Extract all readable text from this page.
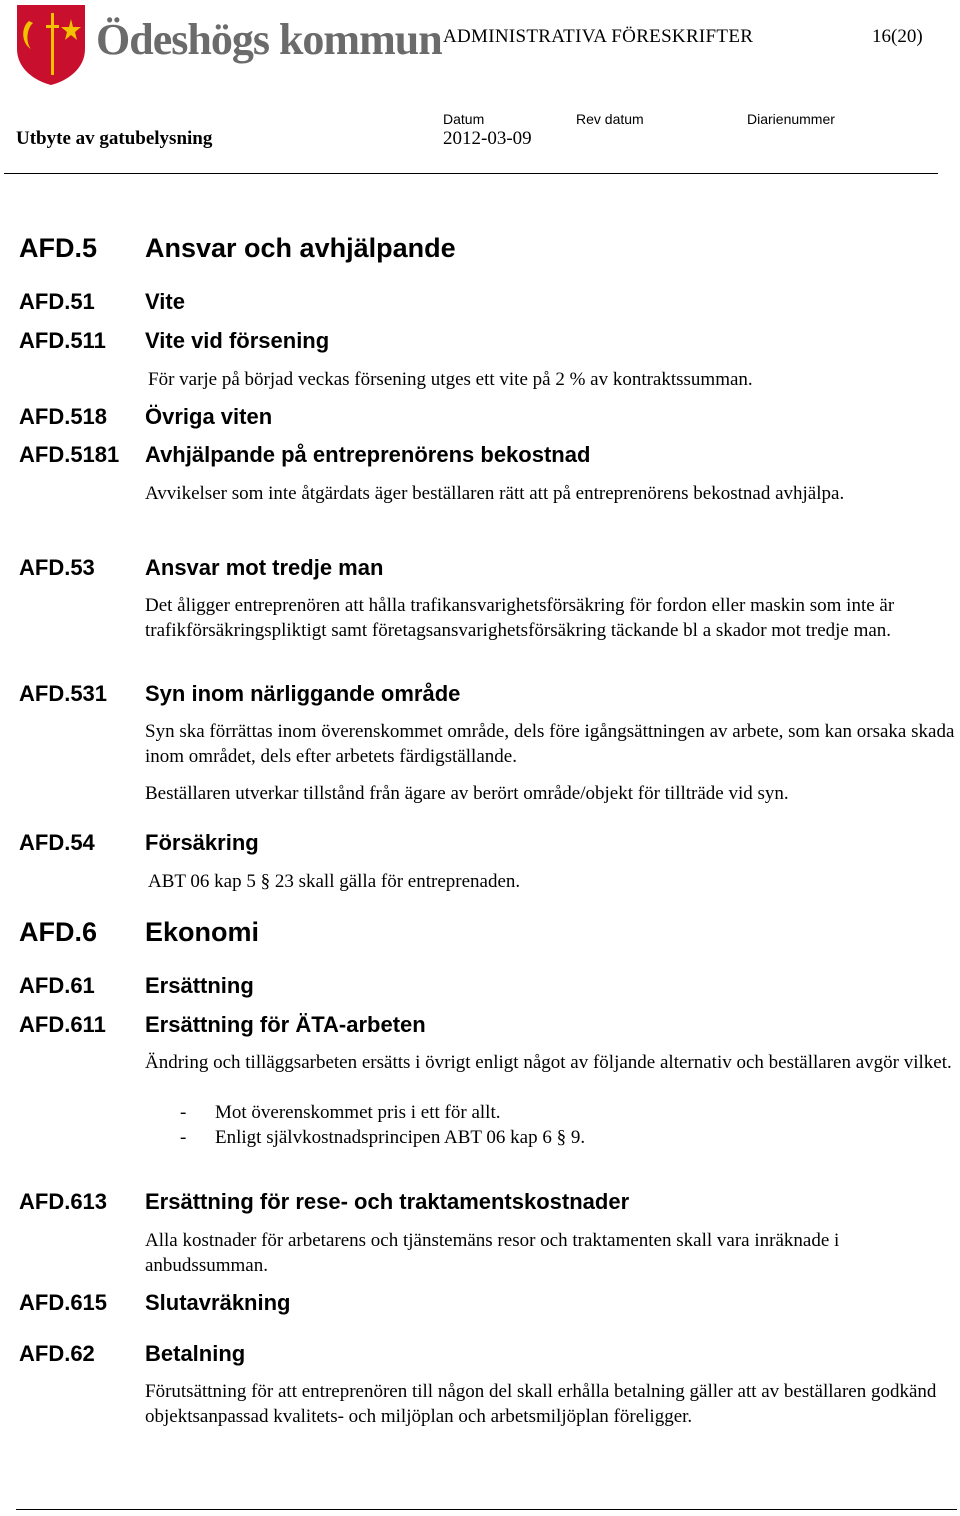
Ödeshögs kommun ADMINISTRATIVA FÖRESKRIFTER	16(20)
Datum	Rev datum	Diarienummer
Utbyte av gatubelysning	2012-03-09
AFD.5 Ansvar och avhjälpande
AFD.51 Vite
AFD.511 Vite vid försening
För varje på börjad veckas försening utges ett vite på 2 % av kontraktssumman.
AFD.518 Övriga viten
AFD.5181 Avhjälpande på entreprenörens bekostnad
Avvikelser som inte åtgärdats äger beställaren rätt att på entreprenörens bekostnad avhjälpa.
AFD.53 Ansvar mot tredje man
Det åligger entreprenören att hålla trafikansvarighetsförsäkring för fordon eller maskin som inte är trafikförsäkringspliktigt samt företagsansvarighetsförsäkring täckande bl a skador mot tredje man.
AFD.531 Syn inom närliggande område
Syn ska förrättas inom överenskommet område, dels före igångsättningen av arbete, som kan orsaka skada inom området, dels efter arbetets färdigställande.
Beställaren utverkar tillstånd från ägare av berört område/objekt för tillträde vid syn.
AFD.54 Försäkring
ABT 06 kap 5 § 23 skall gälla för entreprenaden.
AFD.6 Ekonomi
AFD.61 Ersättning
AFD.611 Ersättning för ÄTA-arbeten
Ändring och tilläggsarbeten ersätts i övrigt enligt något av följande alternativ och beställaren avgör vilket.
- Mot överenskommet pris i ett för allt.
- Enligt självkostnadsprincipen ABT 06 kap 6 § 9.
AFD.613 Ersättning för rese- och traktamentskostnader
Alla kostnader för arbetarens och tjänstemäns resor och traktamenten skall vara inräknade i anbudssumman.
AFD.615 Slutavräkning
AFD.62 Betalning
Förutsättning för att entreprenören till någon del skall erhålla betalning gäller att av beställaren godkänd objektsanpassad kvalitets- och miljöplan och arbetsmiljöplan föreligger.
